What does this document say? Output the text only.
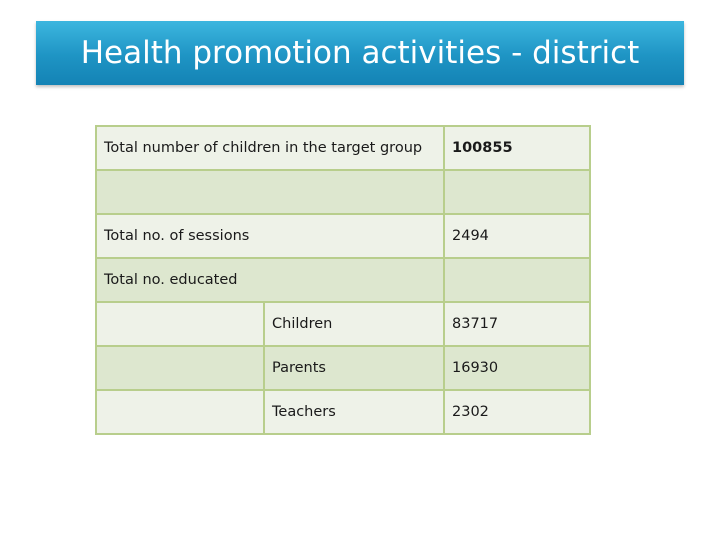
Health promotion activities - district
Total number of children in the target group		100855

Total no. of sessions		2494
Total no. educated		
	Children	83717
	Parents	16930
	Teachers	2302
